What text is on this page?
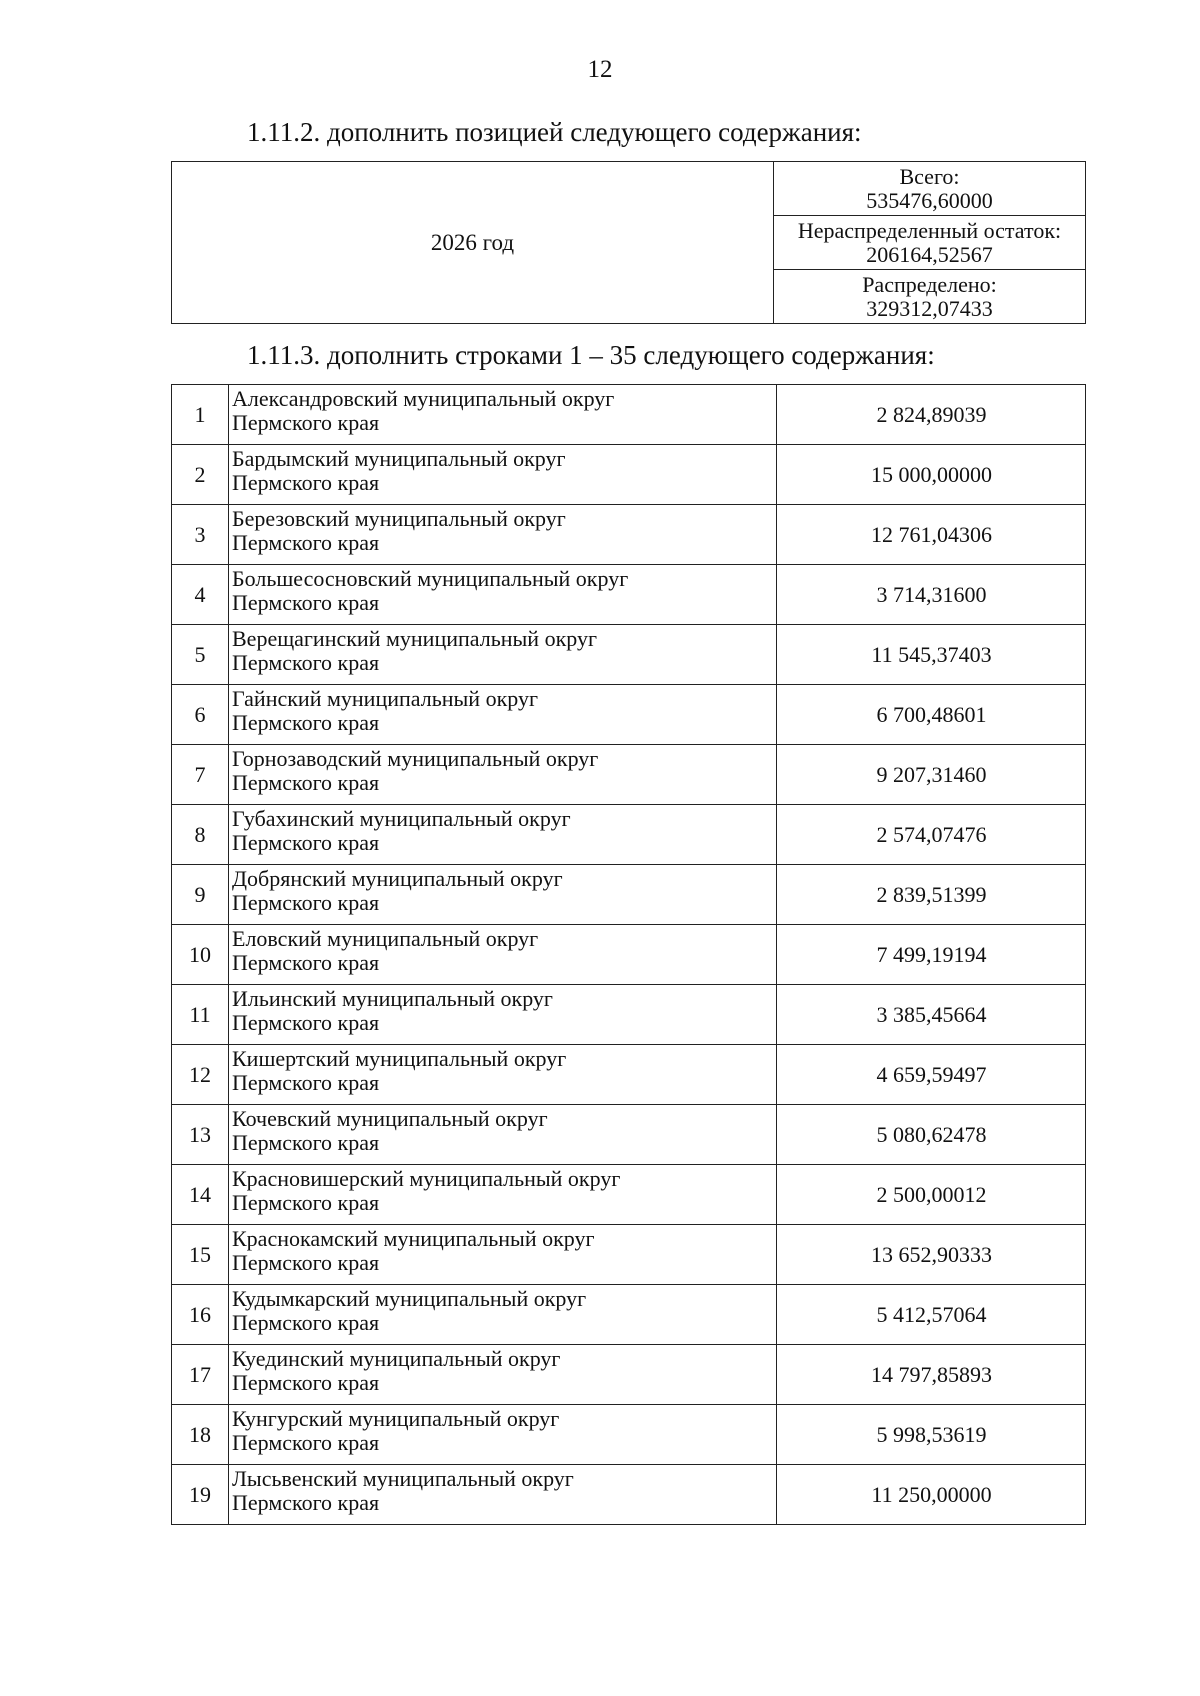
12
1.11.2. дополнить позицией следующего содержания:
2026 год	
Всего:
535476,60000

Нераспределенный остаток:
206164,52567

Распределено:
329312,07433
1.11.3. дополнить строками 1 – 35 следующего содержания:
1	Александровский муниципальный округ
Пермского края	2 824,89039
2	Бардымский муниципальный округ
Пермского края	15 000,00000
3	Березовский муниципальный округ
Пермского края	12 761,04306
4	Большесосновский муниципальный округ
Пермского края	3 714,31600
5	Верещагинский муниципальный округ
Пермского края	11 545,37403
6	Гайнский муниципальный округ
Пермского края	6 700,48601
7	Горнозаводский муниципальный округ
Пермского края	9 207,31460
8	Губахинский муниципальный округ
Пермского края	2 574,07476
9	Добрянский муниципальный округ
Пермского края	2 839,51399
10	Еловский муниципальный округ
Пермского края	7 499,19194
11	Ильинский муниципальный округ
Пермского края	3 385,45664
12	Кишертский муниципальный округ
Пермского края	4 659,59497
13	Кочевский муниципальный округ
Пермского края	5 080,62478
14	Красновишерский муниципальный округ
Пермского края	2 500,00012
15	Краснокамский муниципальный округ
Пермского края	13 652,90333
16	Кудымкарский муниципальный округ
Пермского края	5 412,57064
17	Куединский муниципальный округ
Пермского края	14 797,85893
18	Кунгурский муниципальный округ
Пермского края	5 998,53619
19	Лысьвенский муниципальный округ
Пермского края	11 250,00000
